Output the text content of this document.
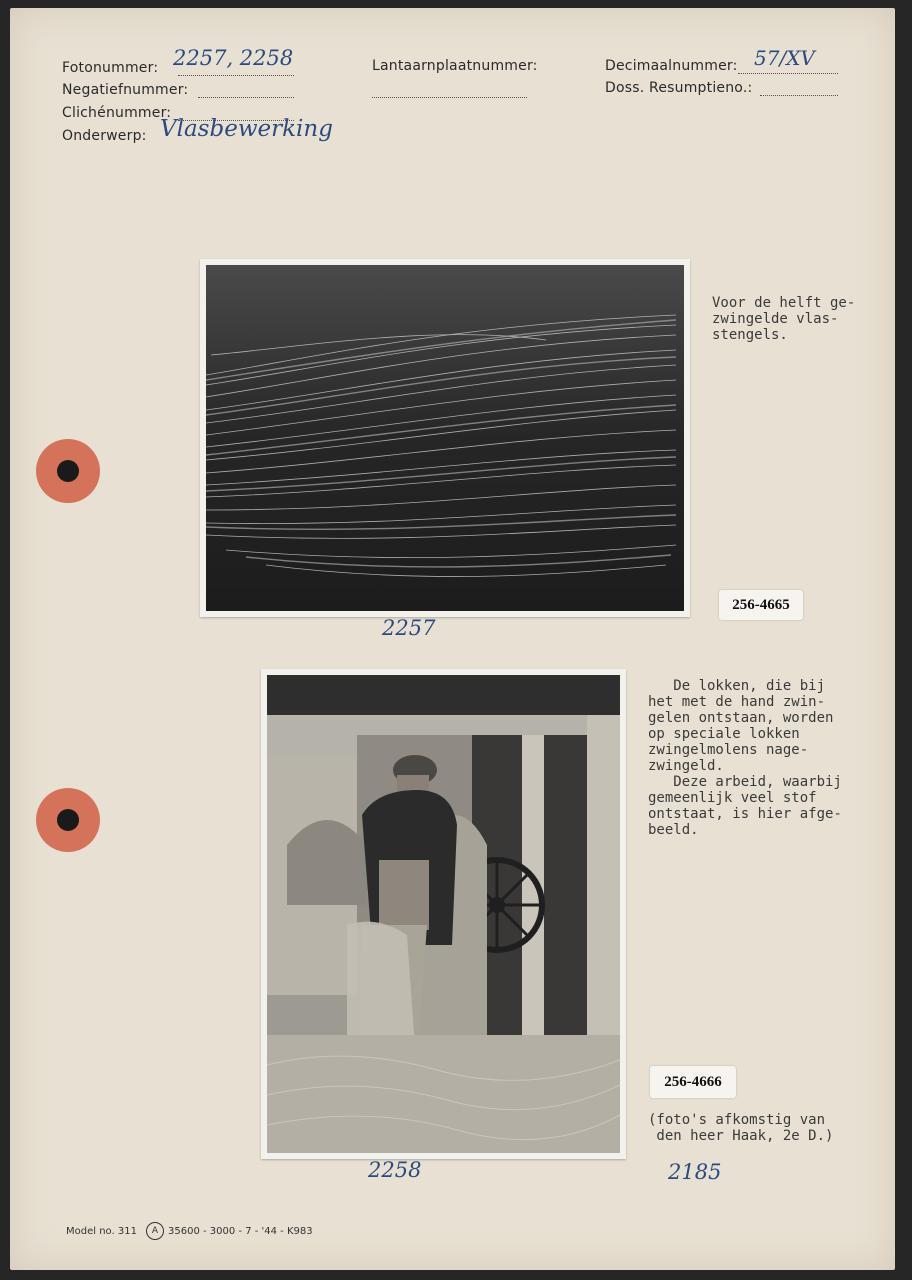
Fotonummer: 2257, 2258
Negatiefnummer:
Clichénummer:
Onderwerp: Vlasbewerking
Lantaarnplaatnummer:	Decimaalnummer: 57/XV
Doss. Resumptieno.:
2257
Voor de helft ge-
zwingelde vlas-
stengels.
256-4665
2258
De lokken, die bij
het met de hand zwin-
gelen ontstaan, worden
op speciale lokken
zwingelmolens nage-
zwingeld.
Deze arbeid, waarbij
gemeenlijk veel stof
ontstaat, is hier afge-
beeld.
256-4666
(foto's afkomstig van
den heer Haak, 2e D.)
2185
Model no. 311	A 35600 - 3000 - 7 - '44 - K983
